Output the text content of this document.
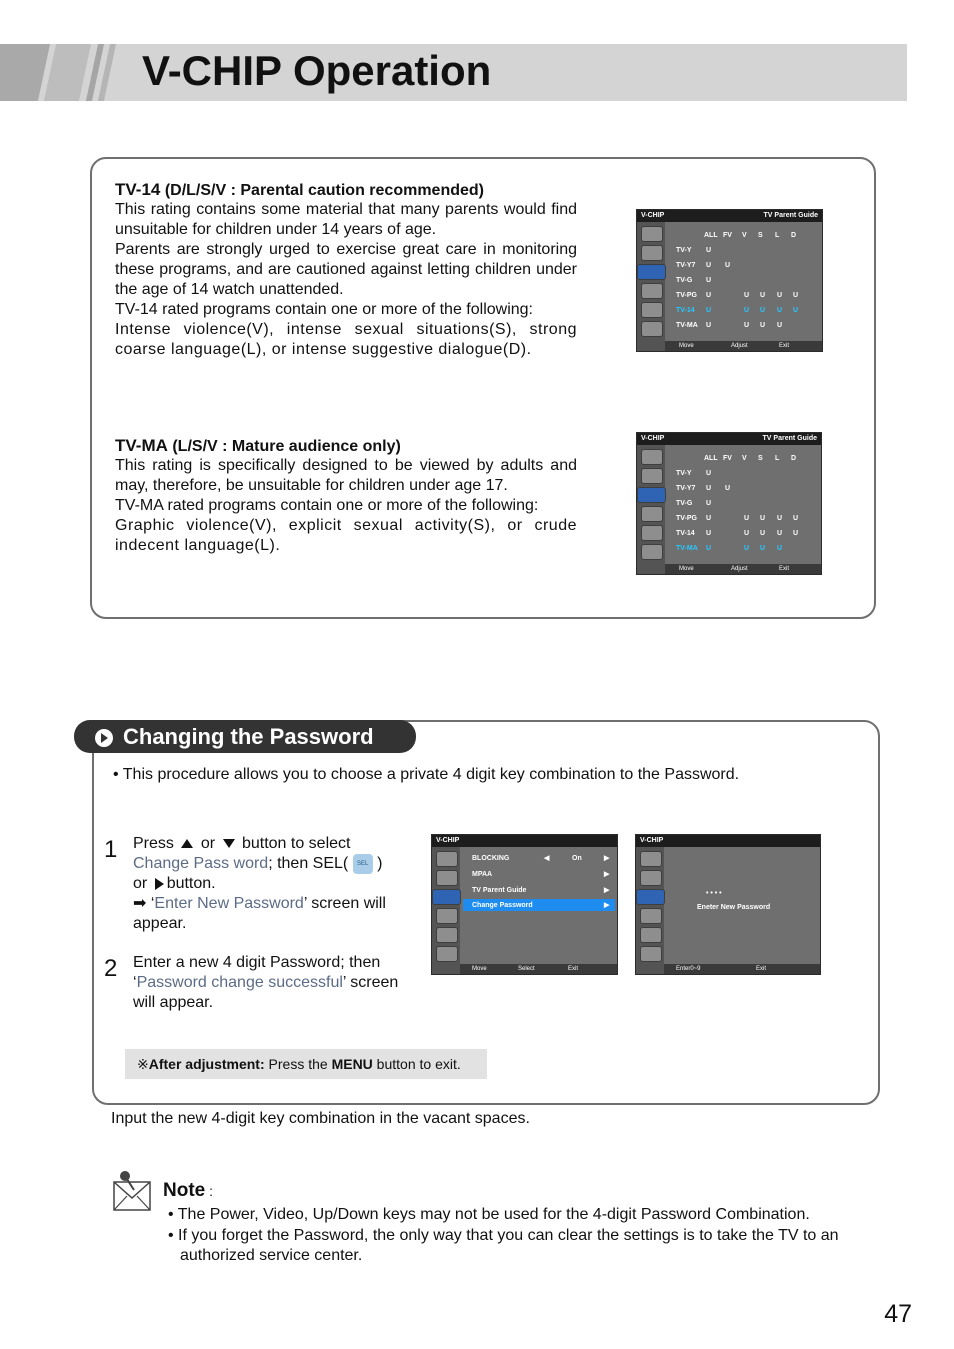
V-CHIP Operation
TV-14 (D/L/S/V : Parental caution recommended)
This rating contains some material that many parents would find unsuitable for children under 14 years of age.
Parents are strongly urged to exercise great care in monitoring these programs, and are cautioned against letting children under the age of 14 watch unattended.
TV-14 rated programs contain one or more of the following:
Intense violence(V), intense sexual situations(S), strong coarse language(L), or intense suggestive dialogue(D).
TV-MA (L/S/V : Mature audience only)
This rating is specifically designed to be viewed by adults and may, therefore, be unsuitable for children under age 17.
TV-MA rated programs contain one or more of the following:
Graphic violence(V), explicit sexual activity(S), or crude indecent language(L).
V-CHIP	TV Parent Guide
ALL FV V S L D
TV-Y U
TV-Y7 U U
TV-G U
TV-PG U	U U U U
TV-14 U	U U U U
TV-MA U	U U U
Move	Adjust	Exit
V-CHIP	TV Parent Guide
ALL FV V S L D
TV-Y U
TV-Y7 U U
TV-G U
TV-PG U	U U U U
TV-14 U	U U U U
TV-MA U	U U U
Move	Adjust	Exit
Changing the Password
• This procedure allows you to choose a private 4 digit key combination to the Password.
1 Press or button to select
Change Pass word; then SEL( SEL )
or button.
➡ ‘Enter New Password’ screen will appear.
2 Enter a new 4 digit Password; then
‘Password change successful’ screen will appear.
V-CHIP
BLOCKING	◀	On	▶
MPAA	▶
TV Parent Guide	▶
Change Password	▶
Move	Select	Exit
V-CHIP
• • • •
Eneter New Password
Enter0~9	Exit
※After adjustment: Press the MENU button to exit.
Input the new 4-digit key combination in the vacant spaces.
Note :
• The Power, Video, Up/Down keys may not be used for the 4-digit Password Combination.
• If you forget the Password, the only way that you can clear the settings is to take the TV to an authorized service center.
47
